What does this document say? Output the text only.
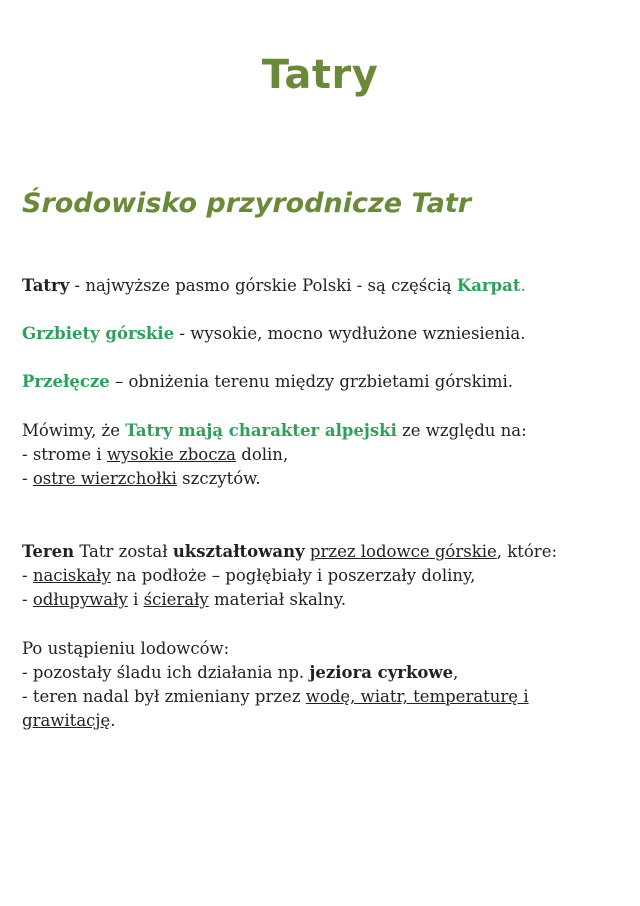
Tatry
Środowisko przyrodnicze Tatr

Tatry - najwyższe pasmo górskie Polski - są częścią Karpat.

Grzbiety górskie - wysokie, mocno wydłużone wzniesienia.

Przełęcze – obniżenia terenu między grzbietami górskimi.

Mówimy, że Tatry mają charakter alpejski ze względu na:
- strome i wysokie zbocza dolin,
- ostre wierzchołki szczytów.
Teren Tatr został ukształtowany przez lodowce górskie, które:
- naciskały na podłoże – pogłębiały i poszerzały doliny,
- odłupywały i ścierały materiał skalny.
Po ustąpieniu lodowców:
- pozostały śladu ich działania np. jeziora cyrkowe,
- teren nadal był zmieniany przez wodę, wiatr, temperaturę i
grawitację.
